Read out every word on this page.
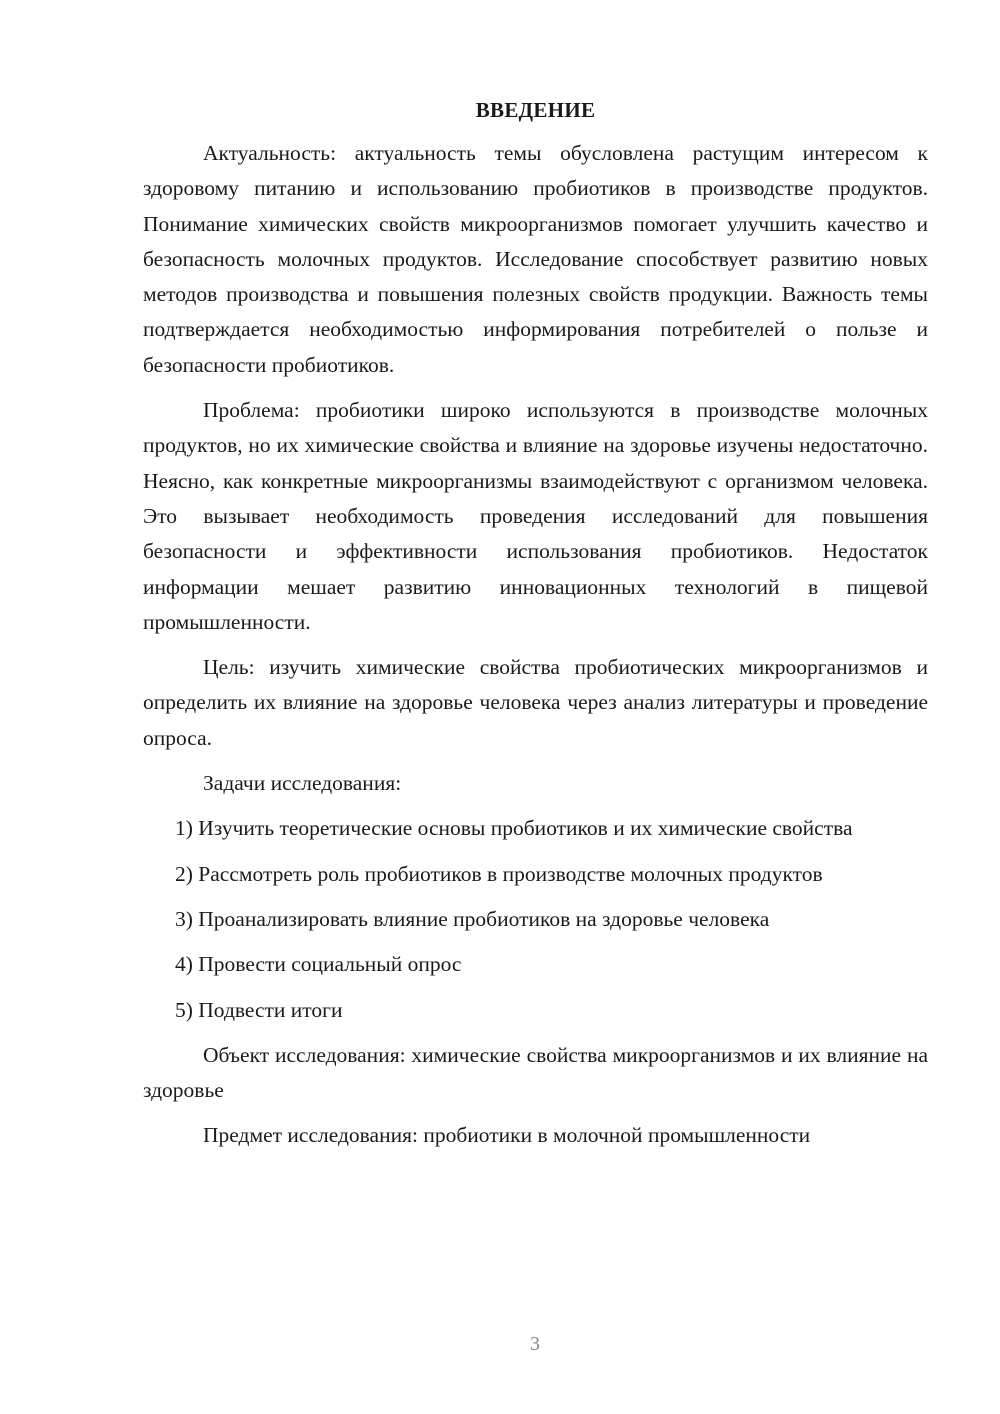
ВВЕДЕНИЕ

Актуальность: актуальность темы обусловлена растущим интересом к здоровому питанию и использованию пробиотиков в производстве продуктов. Понимание химических свойств микроорганизмов помогает улучшить качество и безопасность молочных продуктов. Исследование способствует развитию новых методов производства и повышения полезных свойств продукции. Важность темы подтверждается необходимостью информирования потребителей о пользе и безопасности пробиотиков.

Проблема: пробиотики широко используются в производстве молочных продуктов, но их химические свойства и влияние на здоровье изучены недостаточно. Неясно, как конкретные микроорганизмы взаимодействуют с организмом человека. Это вызывает необходимость проведения исследований для повышения безопасности и эффективности использования пробиотиков. Недостаток информации мешает развитию инновационных технологий в пищевой промышленности.

Цель: изучить химические свойства пробиотических микроорганизмов и определить их влияние на здоровье человека через анализ литературы и проведение опроса.

Задачи исследования:

1) Изучить теоретические основы пробиотиков и их химические свойства

2) Рассмотреть роль пробиотиков в производстве молочных продуктов

3) Проанализировать влияние пробиотиков на здоровье человека

4) Провести социальный опрос

5) Подвести итоги

Объект исследования: химические свойства микроорганизмов и их влияние на здоровье

Предмет исследования: пробиотики в молочной промышленности

3
